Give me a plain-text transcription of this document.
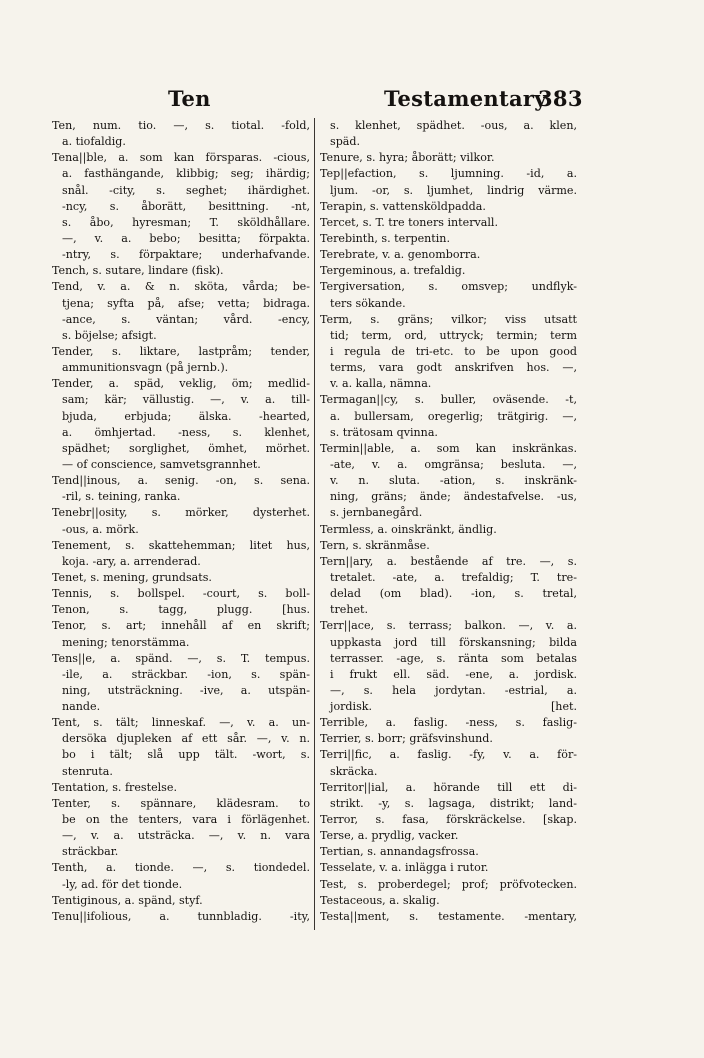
Ten	Testamentary
383
Ten, num. tio. —, s. tiotal. -fold,
a. tiofaldig.
Tena||ble, a. som kan försparas. -cious,
a. fasthängande, klibbig; seg; ihärdig;
snål. -city, s. seghet; ihärdighet.
-ncy, s. åborätt, besittning. -nt,
s. åbo, hyresman; T. sköldhållare.
—, v. a. bebo; besitta; förpakta.
-ntry, s. förpaktare; underhafvande.
Tench, s. sutare, lindare (fisk).
Tend, v. a. & n. sköta, vårda; be-
tjena; syfta på, afse; vetta; bidraga.
-ance, s. väntan; vård. -ency,
s. böjelse; afsigt.
Tender, s. liktare, lastpråm; tender,
ammunitionsvagn (på jernb.).
Tender, a. späd, veklig, öm; medlid-
sam; kär; vällustig. —, v. a. till-
bjuda, erbjuda; älska. -hearted,
a. ömhjertad. -ness, s. klenhet,
spädhet; sorglighet, ömhet, mörhet.
— of conscience, samvetsgrannhet.
Tend||inous, a. senig. -on, s. sena.
-ril, s. teining, ranka.
Tenebr||osity, s. mörker, dysterhet.
-ous, a. mörk.
Tenement, s. skattehemman; litet hus,
koja. -ary, a. arrenderad.
Tenet, s. mening, grundsats.
Tennis, s. bollspel. -court, s. boll-
Tenon, s. tagg, plugg. [hus.
Tenor, s. art; innehåll af en skrift;
mening; tenorstämma.
Tens||e, a. spänd. —, s. T. tempus.
-ile, a. sträckbar. -ion, s. spän-
ning, utsträckning. -ive, a. utspän-
nande.
Tent, s. tält; linneskaf. —, v. a. un-
dersöka djupleken af ett sår. —, v. n.
bo i tält; slå upp tält. -wort, s.
stenruta.
Tentation, s. frestelse.
Tenter, s. spännare, klädesram. to
be on the tenters, vara i förlägenhet.
—, v. a. utsträcka. —, v. n. vara
sträckbar.
Tenth, a. tionde. —, s. tiondedel.
-ly, ad. för det tionde.
Tentiginous, a. spänd, styf.
Tenu||ifolious, a. tunnbladig. -ity,
s. klenhet, spädhet. -ous, a. klen,
späd.
Tenure, s. hyra; åborätt; vilkor.
Tep||efaction, s. ljumning. -id, a.
ljum. -or, s. ljumhet, lindrig värme.
Terapin, s. vattensköldpadda.
Tercet, s. T. tre toners intervall.
Terebinth, s. terpentin.
Terebrate, v. a. genomborra.
Tergeminous, a. trefaldig.
Tergiversation, s. omsvep; undflyk-
ters sökande.
Term, s. gräns; vilkor; viss utsatt
tid; term, ord, uttryck; termin; term
i regula de tri-etc. to be upon good
terms, vara godt anskrifven hos. —,
v. a. kalla, nämna.
Termagan||cy, s. buller, oväsende. -t,
a. bullersam, oregerlig; trätgirig. —,
s. trätosam qvinna.
Termin||able, a. som kan inskränkas.
-ate, v. a. omgränsa; besluta. —,
v. n. sluta. -ation, s. inskränk-
ning, gräns; ände; ändestafvelse. -us,
s. jernbanegård.
Termless, a. oinskränkt, ändlig.
Tern, s. skränmåse.
Tern||ary, a. bestående af tre. —, s.
tretalet. -ate, a. trefaldig; T. tre-
delad (om blad). -ion, s. tretal,
trehet.
Terr||ace, s. terrass; balkon. —, v. a.
uppkasta jord till förskansning; bilda
terrasser. -age, s. ränta som betalas
i frukt ell. säd. -ene, a. jordisk.
—, s. hela jordytan. -estrial, a.
jordisk. [het.
Terrible, a. faslig. -ness, s. faslig-
Terrier, s. borr; gräfsvinshund.
Terri||fic, a. faslig. -fy, v. a. för-
skräcka.
Territor||ial, a. hörande till ett di-
strikt. -y, s. lagsaga, distrikt; land-
Terror, s. fasa, förskräckelse. [skap.
Terse, a. prydlig, vacker.
Tertian, s. annandagsfrossa.
Tesselate, v. a. inlägga i rutor.
Test, s. proberdegel; prof; pröfvotecken.
Testaceous, a. skalig.
Testa||ment, s. testamente. -mentary,
